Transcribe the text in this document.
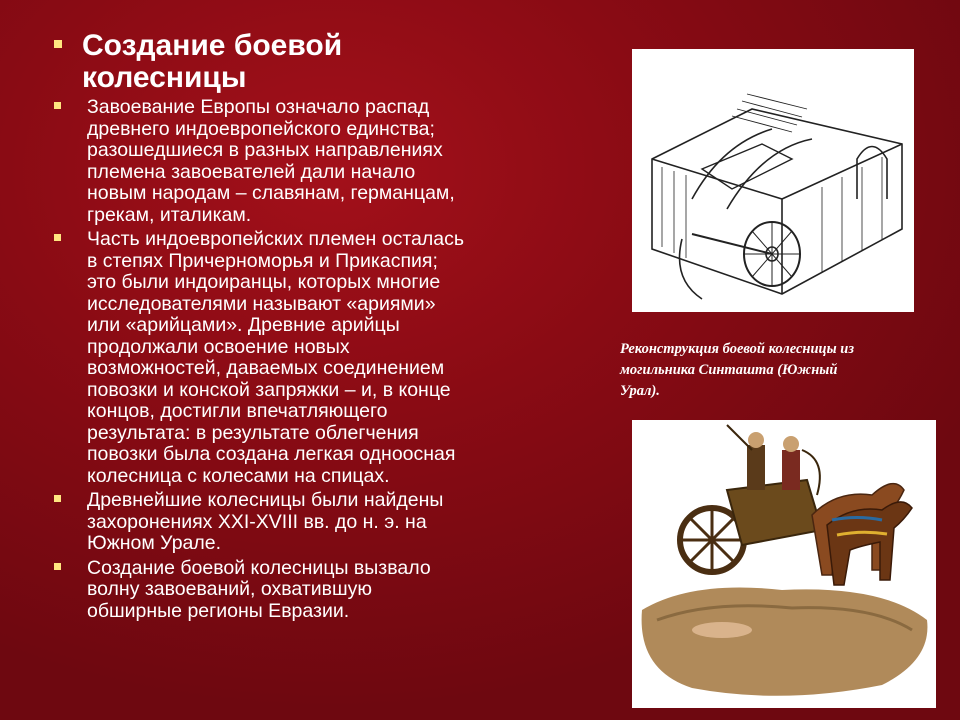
Создание боевой
колесницы
Завоевание Европы означало распад
древнего индоевропейского единства;
разошедшиеся в разных направлениях
племена завоевателей дали начало
новым народам – славянам, германцам,
грекам, италикам.
Часть индоевропейских племен осталась
в степях Причерноморья и Прикаспия;
это были индоиранцы, которых многие
исследователями называют «ариями»
или «арийцами». Древние арийцы
продолжали освоение новых
возможностей, даваемых соединением
повозки и конской запряжки – и, в конце
концов, достигли впечатляющего
результата: в результате облегчения
повозки была создана легкая одноосная
колесница с колесами на спицах.
Древнейшие колесницы были найдены
захоронениях XXI-XVIII вв. до н. э. на
Южном Урале.
Создание боевой колесницы вызвало
волну завоеваний, охватившую
обширные регионы Евразии.
Реконструкция боевой колесницы из
могильника Синташта (Южный
Урал).
